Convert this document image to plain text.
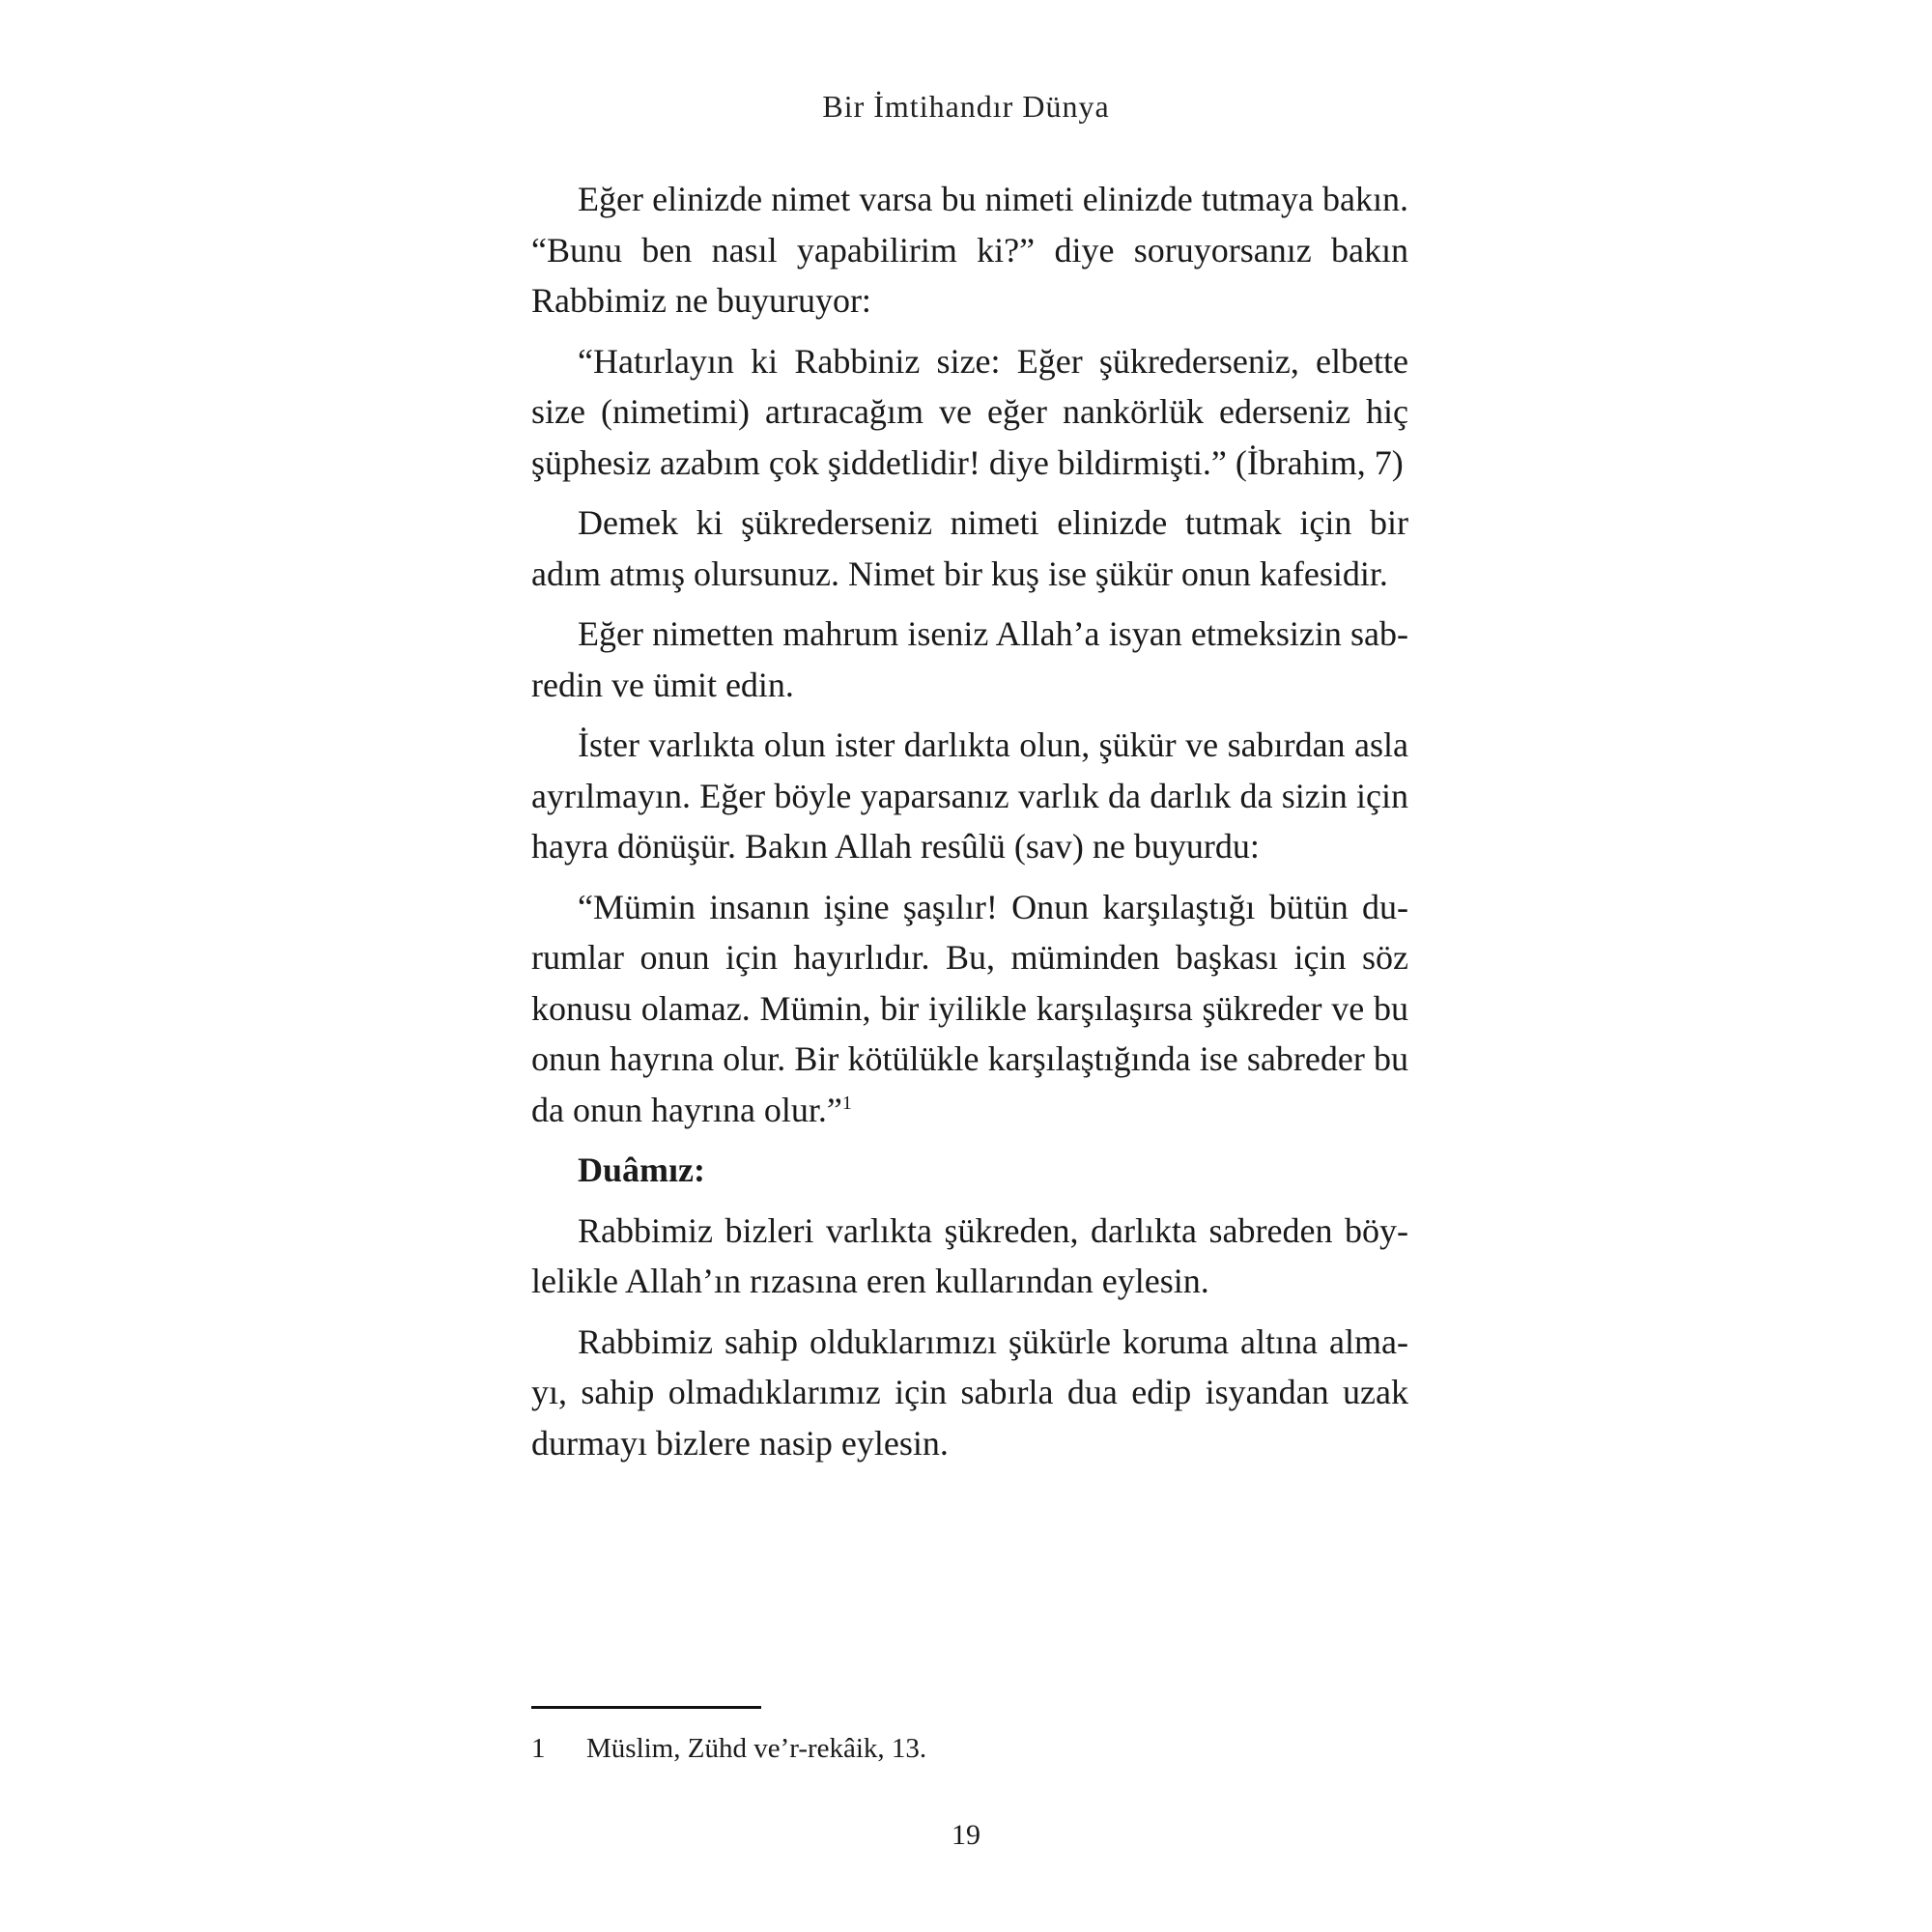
Bir İmtihandır Dünya

Eğer elinizde nimet varsa bu nimeti elinizde tutmaya bakın. “Bunu ben nasıl yapabilirim ki?” diye soruyorsanız bakın Rabbimiz ne buyuruyor:

“Hatırlayın ki Rabbiniz size: Eğer şükrederseniz, elbette size (nimetimi) artıracağım ve eğer nankörlük ederseniz hiç şüphesiz azabım çok şiddetlidir! diye bildirmişti.” (İbrahim, 7)

Demek ki şükrederseniz nimeti elinizde tutmak için bir adım atmış olursunuz. Nimet bir kuş ise şükür onun kafesidir.

Eğer nimetten mahrum iseniz Allah’a isyan etmeksizin sabredin ve ümit edin.

İster varlıkta olun ister darlıkta olun, şükür ve sabırdan asla ayrılmayın. Eğer böyle yaparsanız varlık da darlık da sizin için hayra dönüşür. Bakın Allah resûlü (sav) ne buyurdu:

“Mümin insanın işine şaşılır! Onun karşılaştığı bütün durumlar onun için hayırlıdır. Bu, müminden başkası için söz konusu olamaz. Mümin, bir iyilikle karşılaşırsa şükreder ve bu onun hayrına olur. Bir kötülükle karşılaştığında ise sabreder bu da onun hayrına olur.”$^1$

Duâmız:

Rabbimiz bizleri varlıkta şükreden, darlıkta sabreden böylelikle Allah’ın rızasına eren kullarından eylesin.

Rabbimiz sahip olduklarımızı şükürle koruma altına almayı, sahip olmadıklarımız için sabırla dua edip isyandan uzak durmayı bizlere nasip eylesin.

1 Müslim, Zühd ve’r-rekâik, 13.
19
